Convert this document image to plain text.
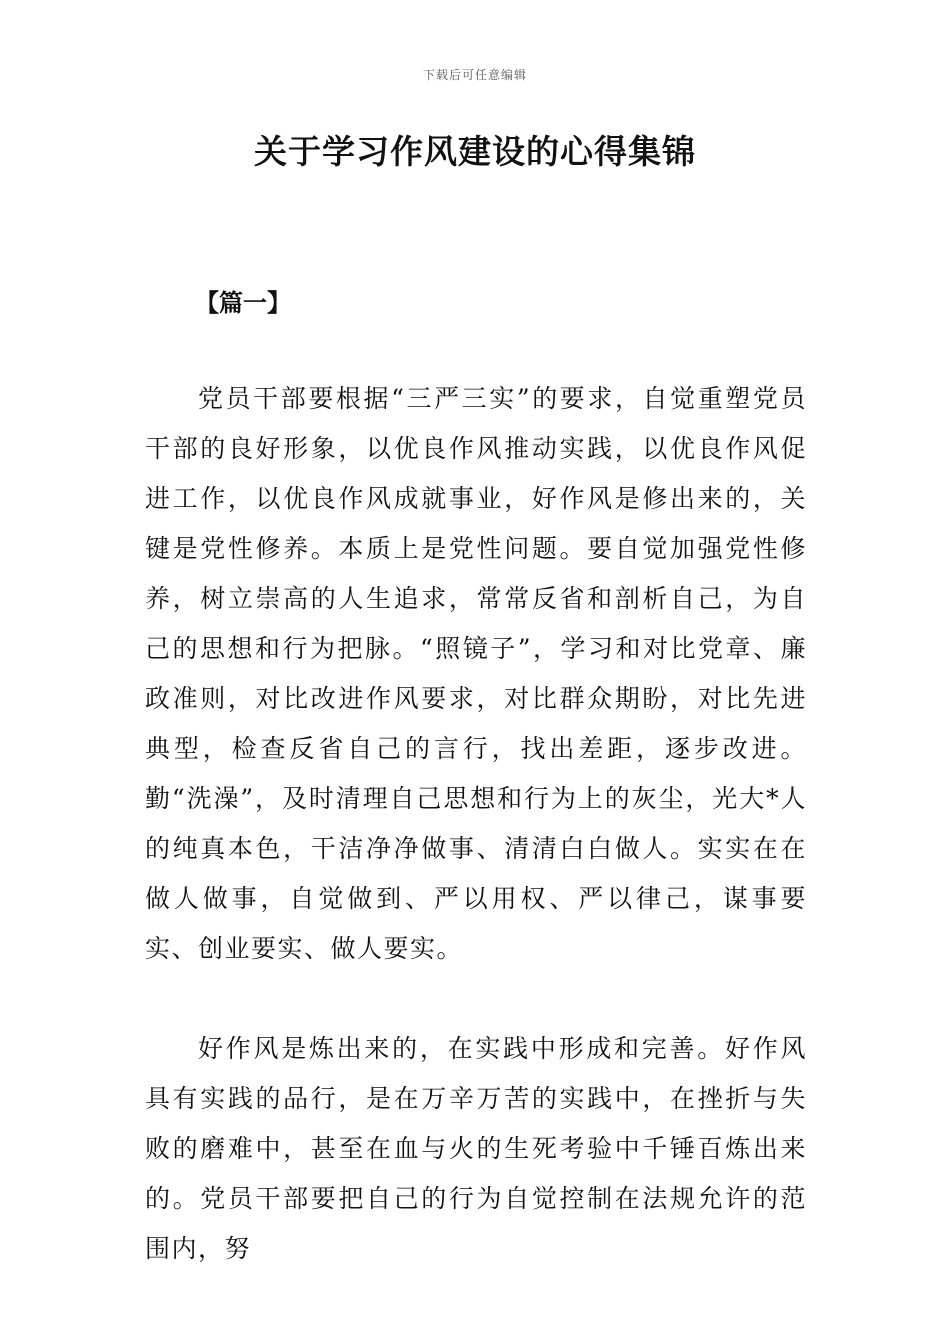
下载后可任意编辑
关于学习作风建设的心得集锦
【篇一】

党员干部要根据“三严三实”的要求，自觉重塑党员干部的良好形象，以优良作风推动实践，以优良作风促进工作，以优良作风成就事业，好作风是修出来的，关键是党性修养。本质上是党性问题。要自觉加强党性修养，树立崇高的人生追求，常常反省和剖析自己，为自己的思想和行为把脉。“照镜子”，学习和对比党章、廉政准则，对比改进作风要求，对比群众期盼，对比先进典型，检查反省自己的言行，找出差距，逐步改进。勤“洗澡”，及时清理自己思想和行为上的灰尘，光大*人的纯真本色，干洁净净做事、清清白白做人。实实在在做人做事，自觉做到、严以用权、严以律己，谋事要实、创业要实、做人要实。

好作风是炼出来的，在实践中形成和完善。好作风具有实践的品行，是在万辛万苦的实践中，在挫折与失败的磨难中，甚至在血与火的生死考验中千锤百炼出来的。党员干部要把自己的行为自觉控制在法规允许的范围内，努
